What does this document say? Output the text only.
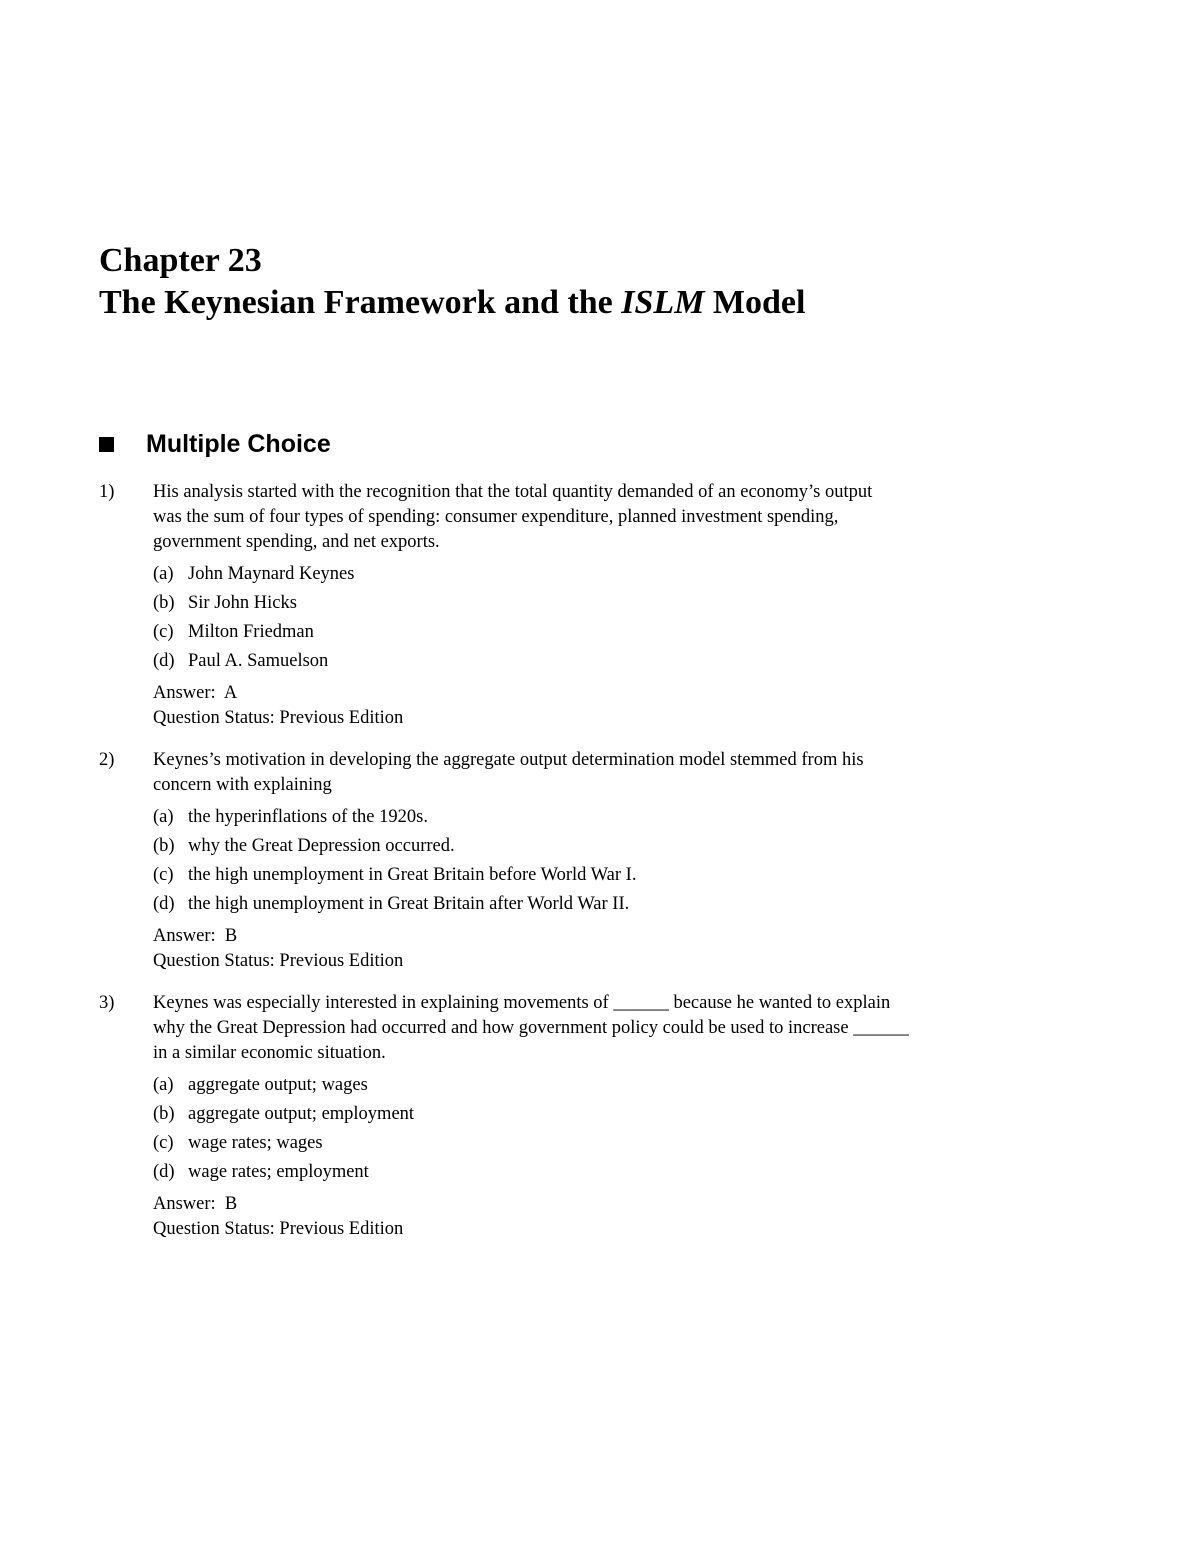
Chapter 23
The Keynesian Framework and the ISLM Model
Multiple Choice
1) His analysis started with the recognition that the total quantity demanded of an economy’s output
was the sum of four types of spending: consumer expenditure, planned investment spending,
government spending, and net exports.
(a) John Maynard Keynes
(b) Sir John Hicks
(c) Milton Friedman
(d) Paul A. Samuelson
Answer:  A
Question Status: Previous Edition
2) Keynes’s motivation in developing the aggregate output determination model stemmed from his
concern with explaining
(a) the hyperinflations of the 1920s.
(b) why the Great Depression occurred.
(c) the high unemployment in Great Britain before World War I.
(d) the high unemployment in Great Britain after World War II.
Answer:  B
Question Status: Previous Edition
3) Keynes was especially interested in explaining movements of ______ because he wanted to explain
why the Great Depression had occurred and how government policy could be used to increase ______
in a similar economic situation.
(a) aggregate output; wages
(b) aggregate output; employment
(c) wage rates; wages
(d) wage rates; employment
Answer:  B
Question Status: Previous Edition
